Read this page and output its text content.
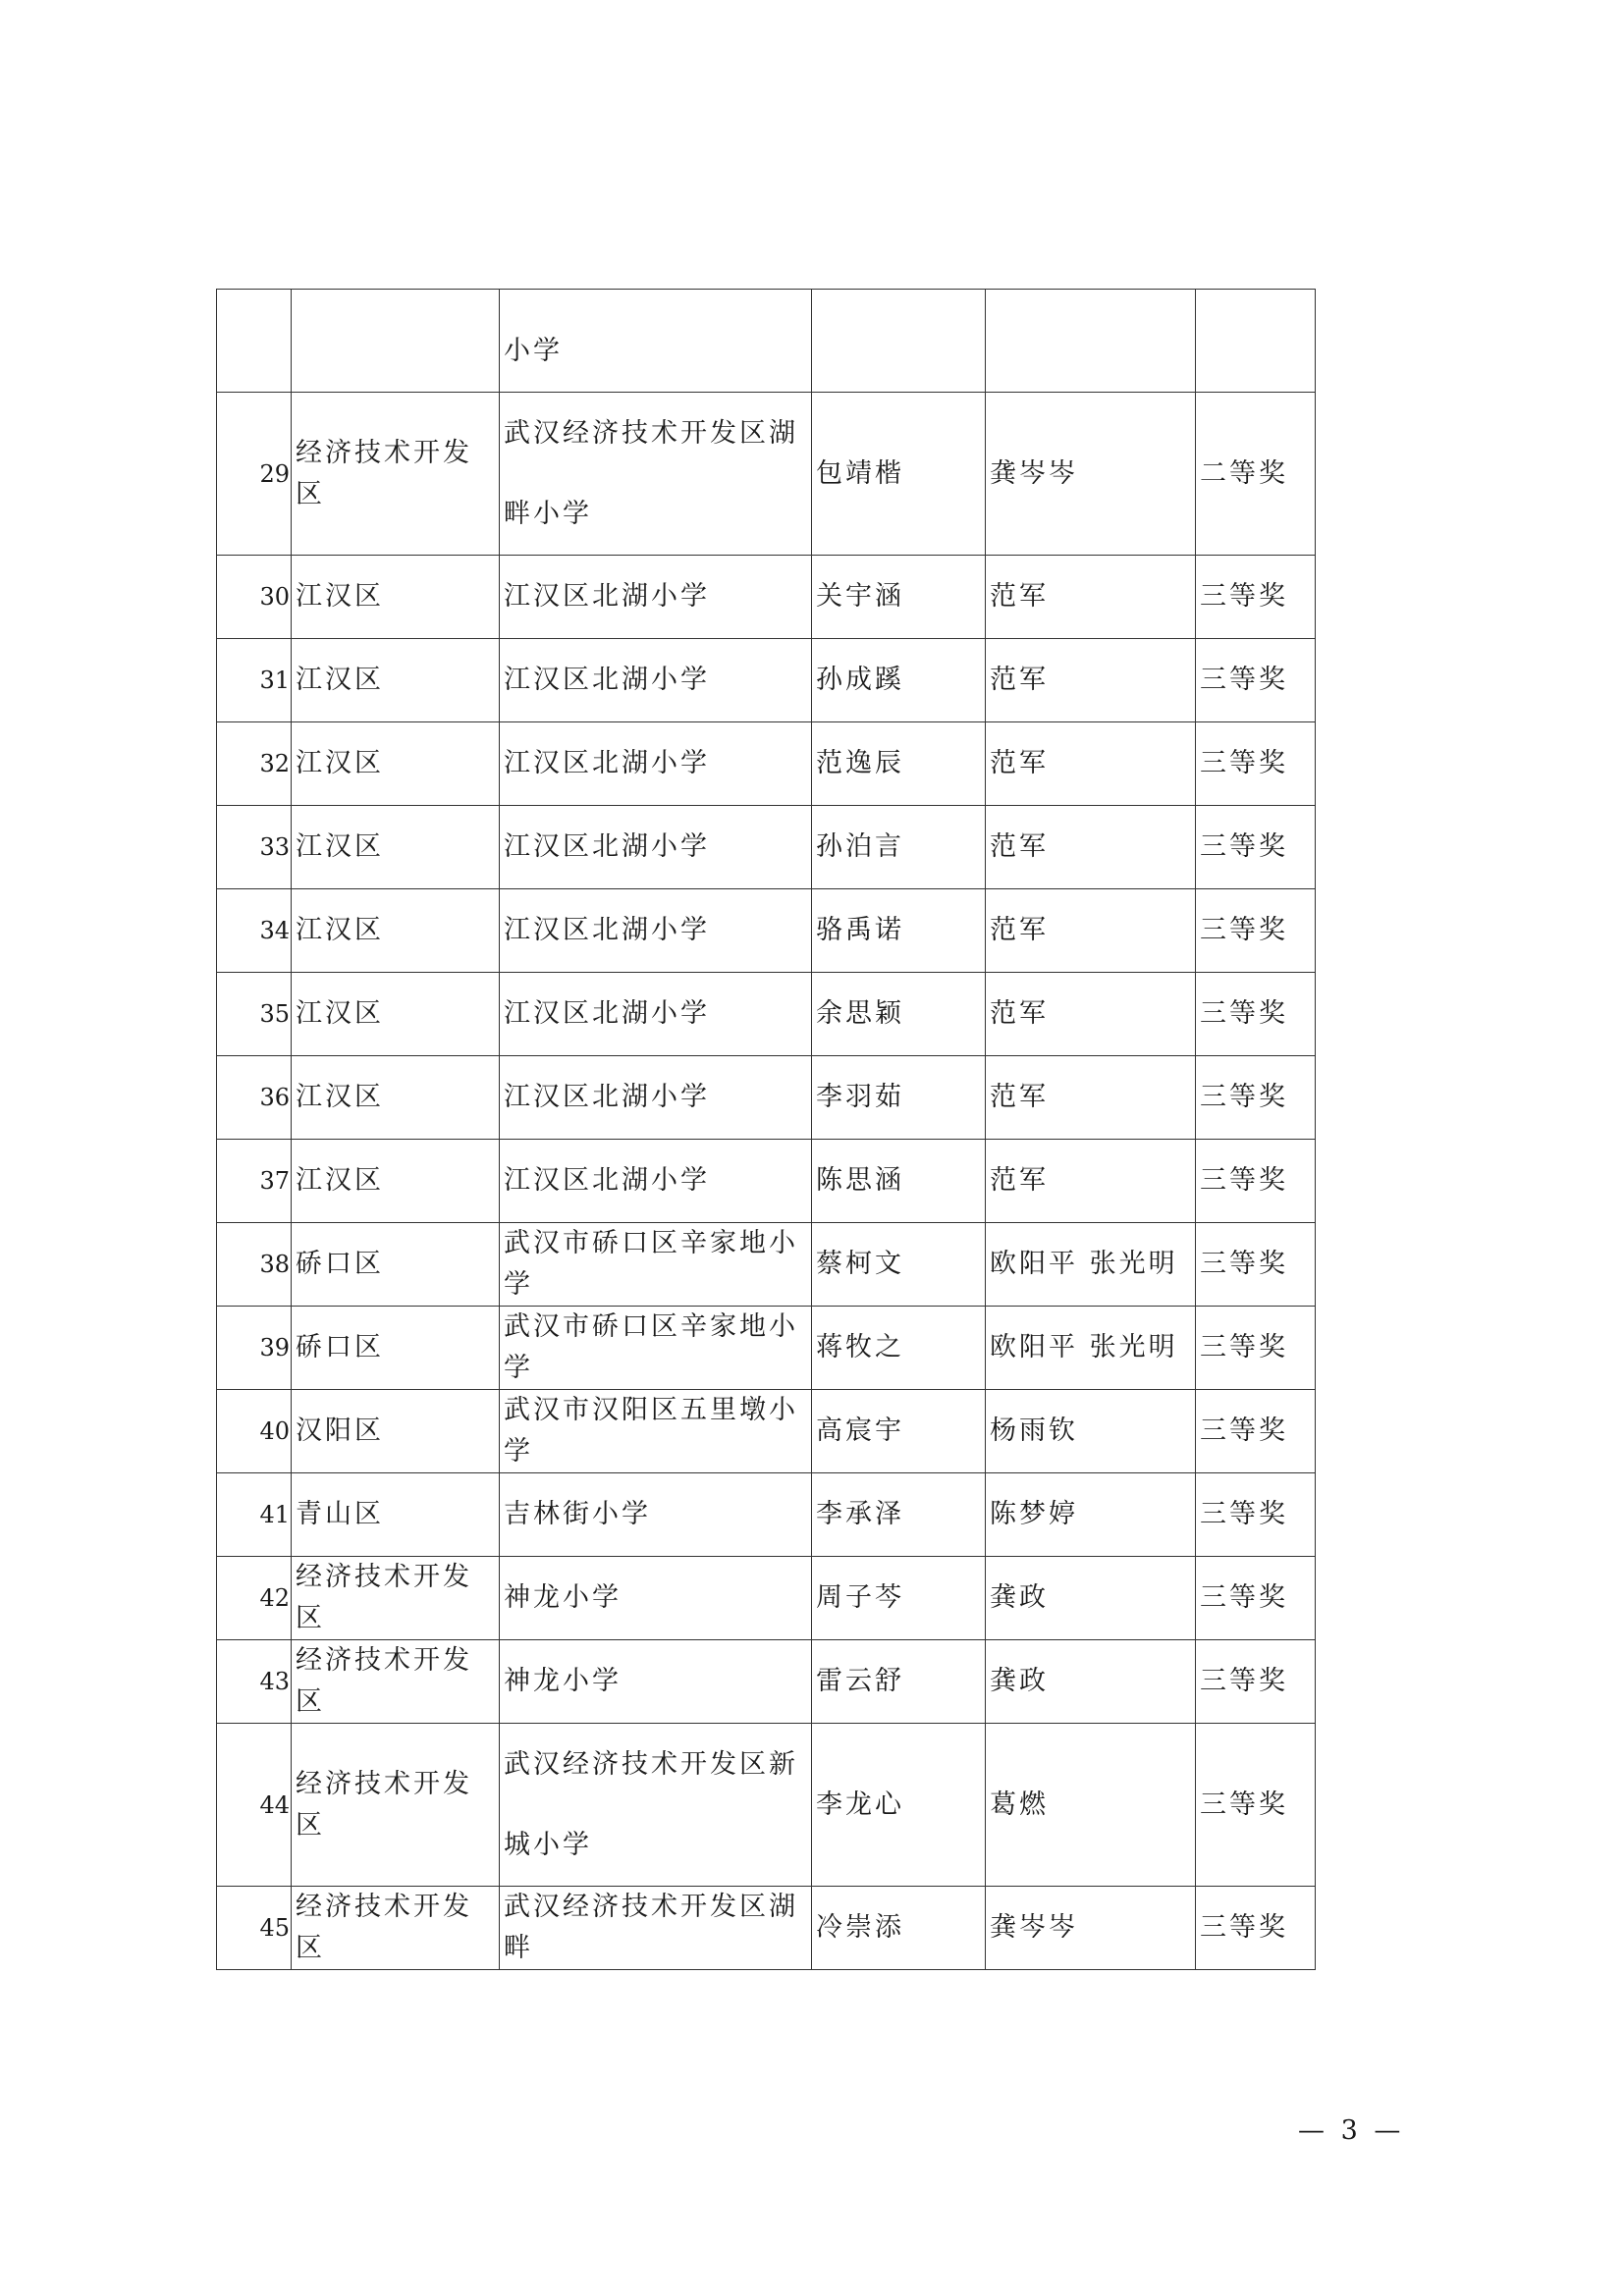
		小学			
29	经济技术开发区	武汉经济技术开发区湖畔小学	包靖楷	龚岑岑	二等奖
30	江汉区	江汉区北湖小学	关宇涵	范军	三等奖
31	江汉区	江汉区北湖小学	孙成蹊	范军	三等奖
32	江汉区	江汉区北湖小学	范逸辰	范军	三等奖
33	江汉区	江汉区北湖小学	孙泊言	范军	三等奖
34	江汉区	江汉区北湖小学	骆禹诺	范军	三等奖
35	江汉区	江汉区北湖小学	余思颖	范军	三等奖
36	江汉区	江汉区北湖小学	李羽茹	范军	三等奖
37	江汉区	江汉区北湖小学	陈思涵	范军	三等奖
38	硚口区	武汉市硚口区辛家地小学	蔡柯文	欧阳平 张光明	三等奖
39	硚口区	武汉市硚口区辛家地小学	蒋牧之	欧阳平 张光明	三等奖
40	汉阳区	武汉市汉阳区五里墩小学	高宸宇	杨雨钦	三等奖
41	青山区	吉林街小学	李承泽	陈梦婷	三等奖
42	经济技术开发区	神龙小学	周子芩	龚政	三等奖
43	经济技术开发区	神龙小学	雷云舒	龚政	三等奖
44	经济技术开发区	武汉经济技术开发区新城小学	李龙心	葛燃	三等奖
45	经济技术开发区	武汉经济技术开发区湖畔	冷崇添	龚岑岑	三等奖
— 3 —
